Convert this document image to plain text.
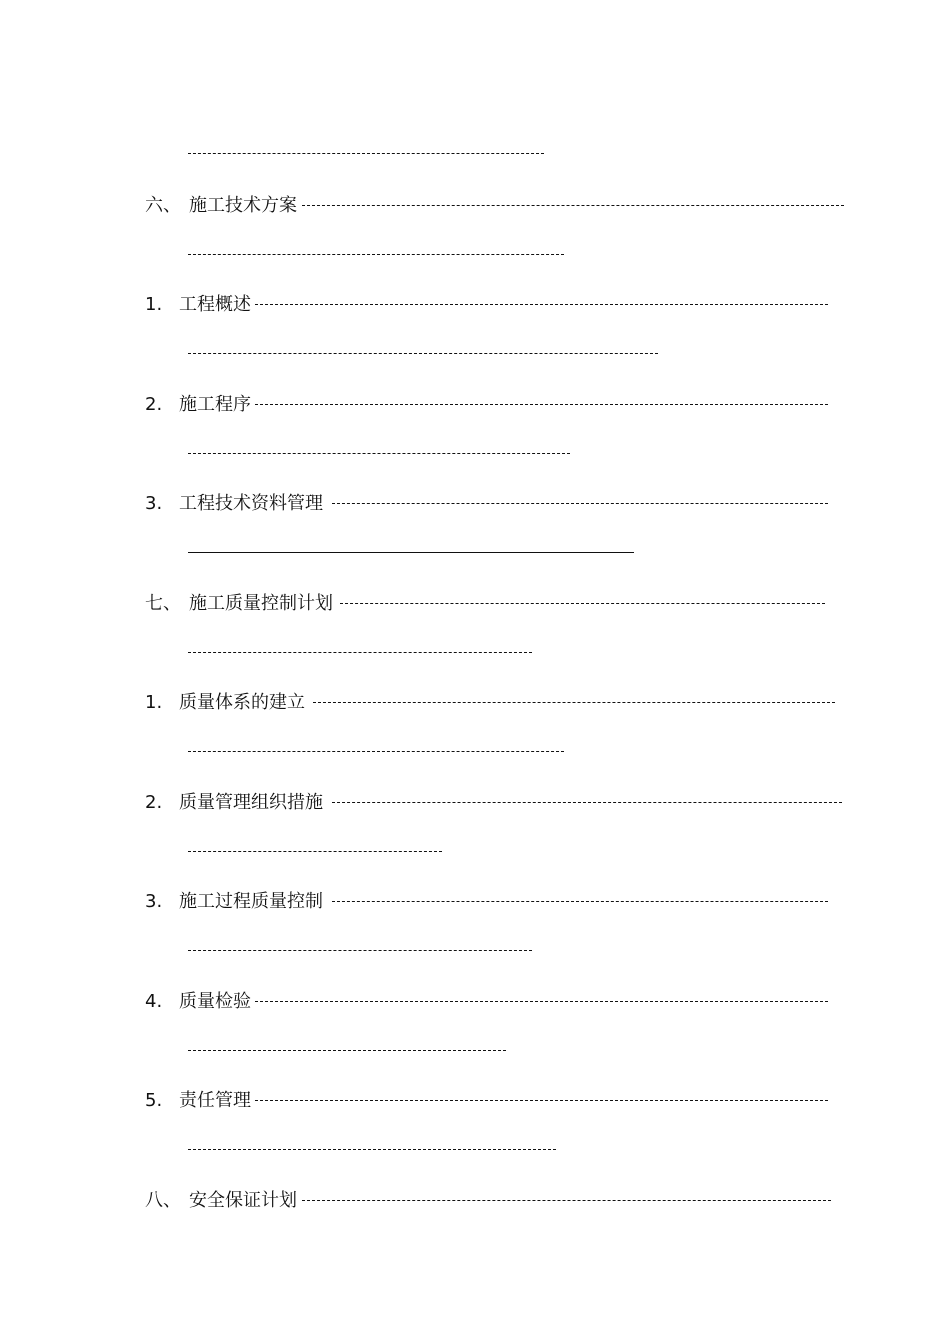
六、 施工技术方案
1. 工程概述
2. 施工程序
3. 工程技术资料管理
七、 施工质量控制计划
1. 质量体系的建立
2. 质量管理组织措施
3. 施工过程质量控制
4. 质量检验
5. 责任管理
八、 安全保证计划
